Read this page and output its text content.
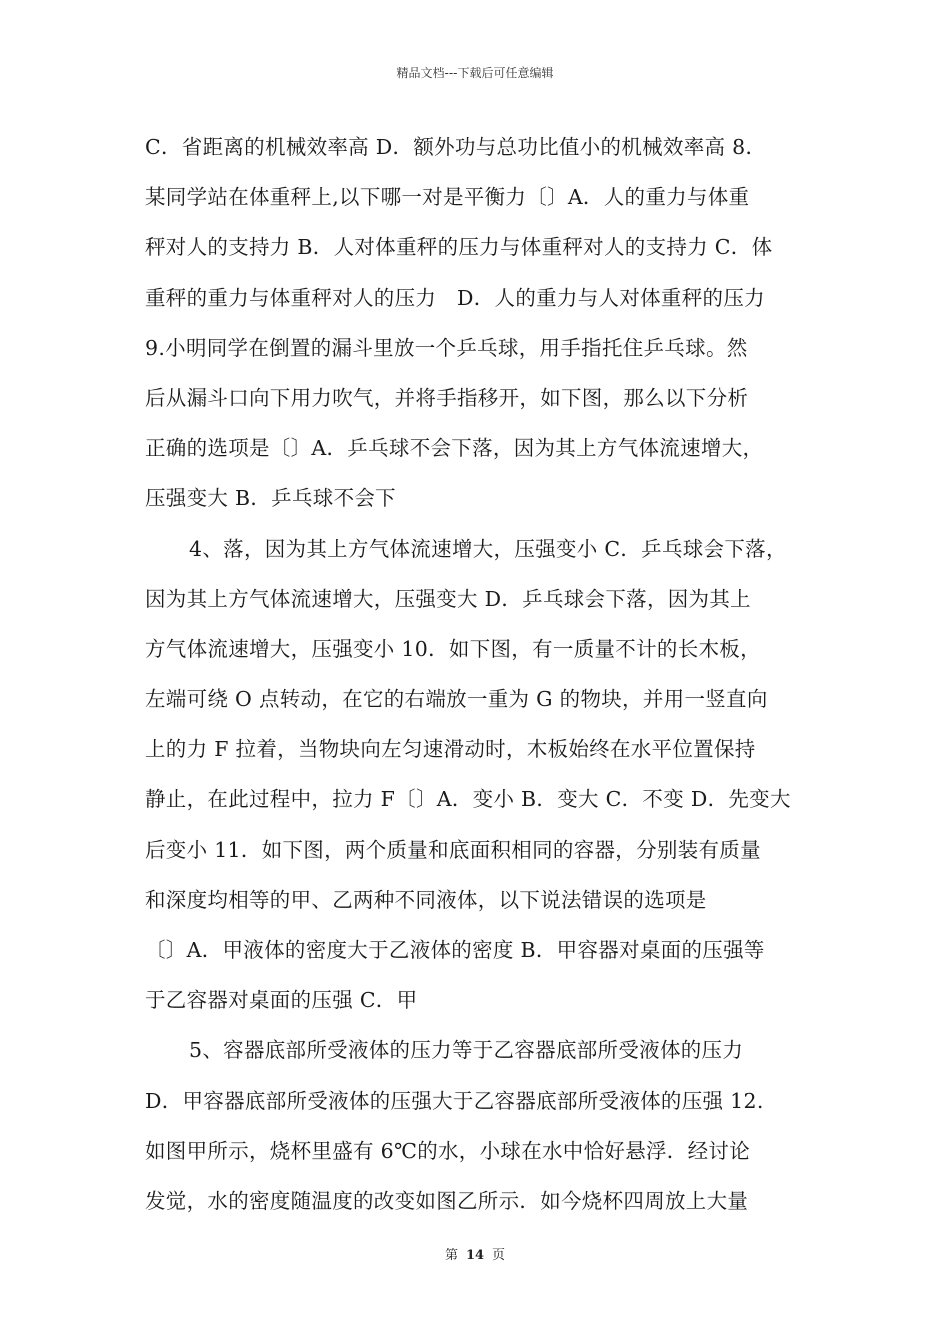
精品文档---下载后可任意编辑
C．省距离的机械效率高 D．额外功与总功比值小的机械效率高 8．
某同学站在体重秤上,以下哪一对是平衡力〔〕A．人的重力与体重
秤对人的支持力 B．人对体重秤的压力与体重秤对人的支持力 C．体
重秤的重力与体重秤对人的压力　D．人的重力与人对体重秤的压力
9.小明同学在倒置的漏斗里放一个乒乓球，用手指托住乒乓球。然
后从漏斗口向下用力吹气，并将手指移开，如下图，那么以下分析
正确的选项是〔〕A．乒乓球不会下落，因为其上方气体流速增大，
压强变大 B．乒乓球不会下
4、落，因为其上方气体流速增大，压强变小 C．乒乓球会下落，
因为其上方气体流速增大，压强变大 D．乒乓球会下落，因为其上
方气体流速增大，压强变小 10．如下图，有一质量不计的长木板，
左端可绕 O 点转动，在它的右端放一重为 G 的物块，并用一竖直向
上的力 F 拉着，当物块向左匀速滑动时，木板始终在水平位置保持
静止，在此过程中，拉力 F〔〕A．变小 B．变大 C．不变 D．先变大
后变小 11．如下图，两个质量和底面积相同的容器，分别装有质量
和深度均相等的甲、乙两种不同液体，以下说法错误的选项是
〔〕A．甲液体的密度大于乙液体的密度 B．甲容器对桌面的压强等
于乙容器对桌面的压强 C．甲
5、容器底部所受液体的压力等于乙容器底部所受液体的压力
D．甲容器底部所受液体的压强大于乙容器底部所受液体的压强 12.
如图甲所示，烧杯里盛有 6℃的水，小球在水中恰好悬浮．经讨论
发觉，水的密度随温度的改变如图乙所示．如今烧杯四周放上大量
第 14 页
